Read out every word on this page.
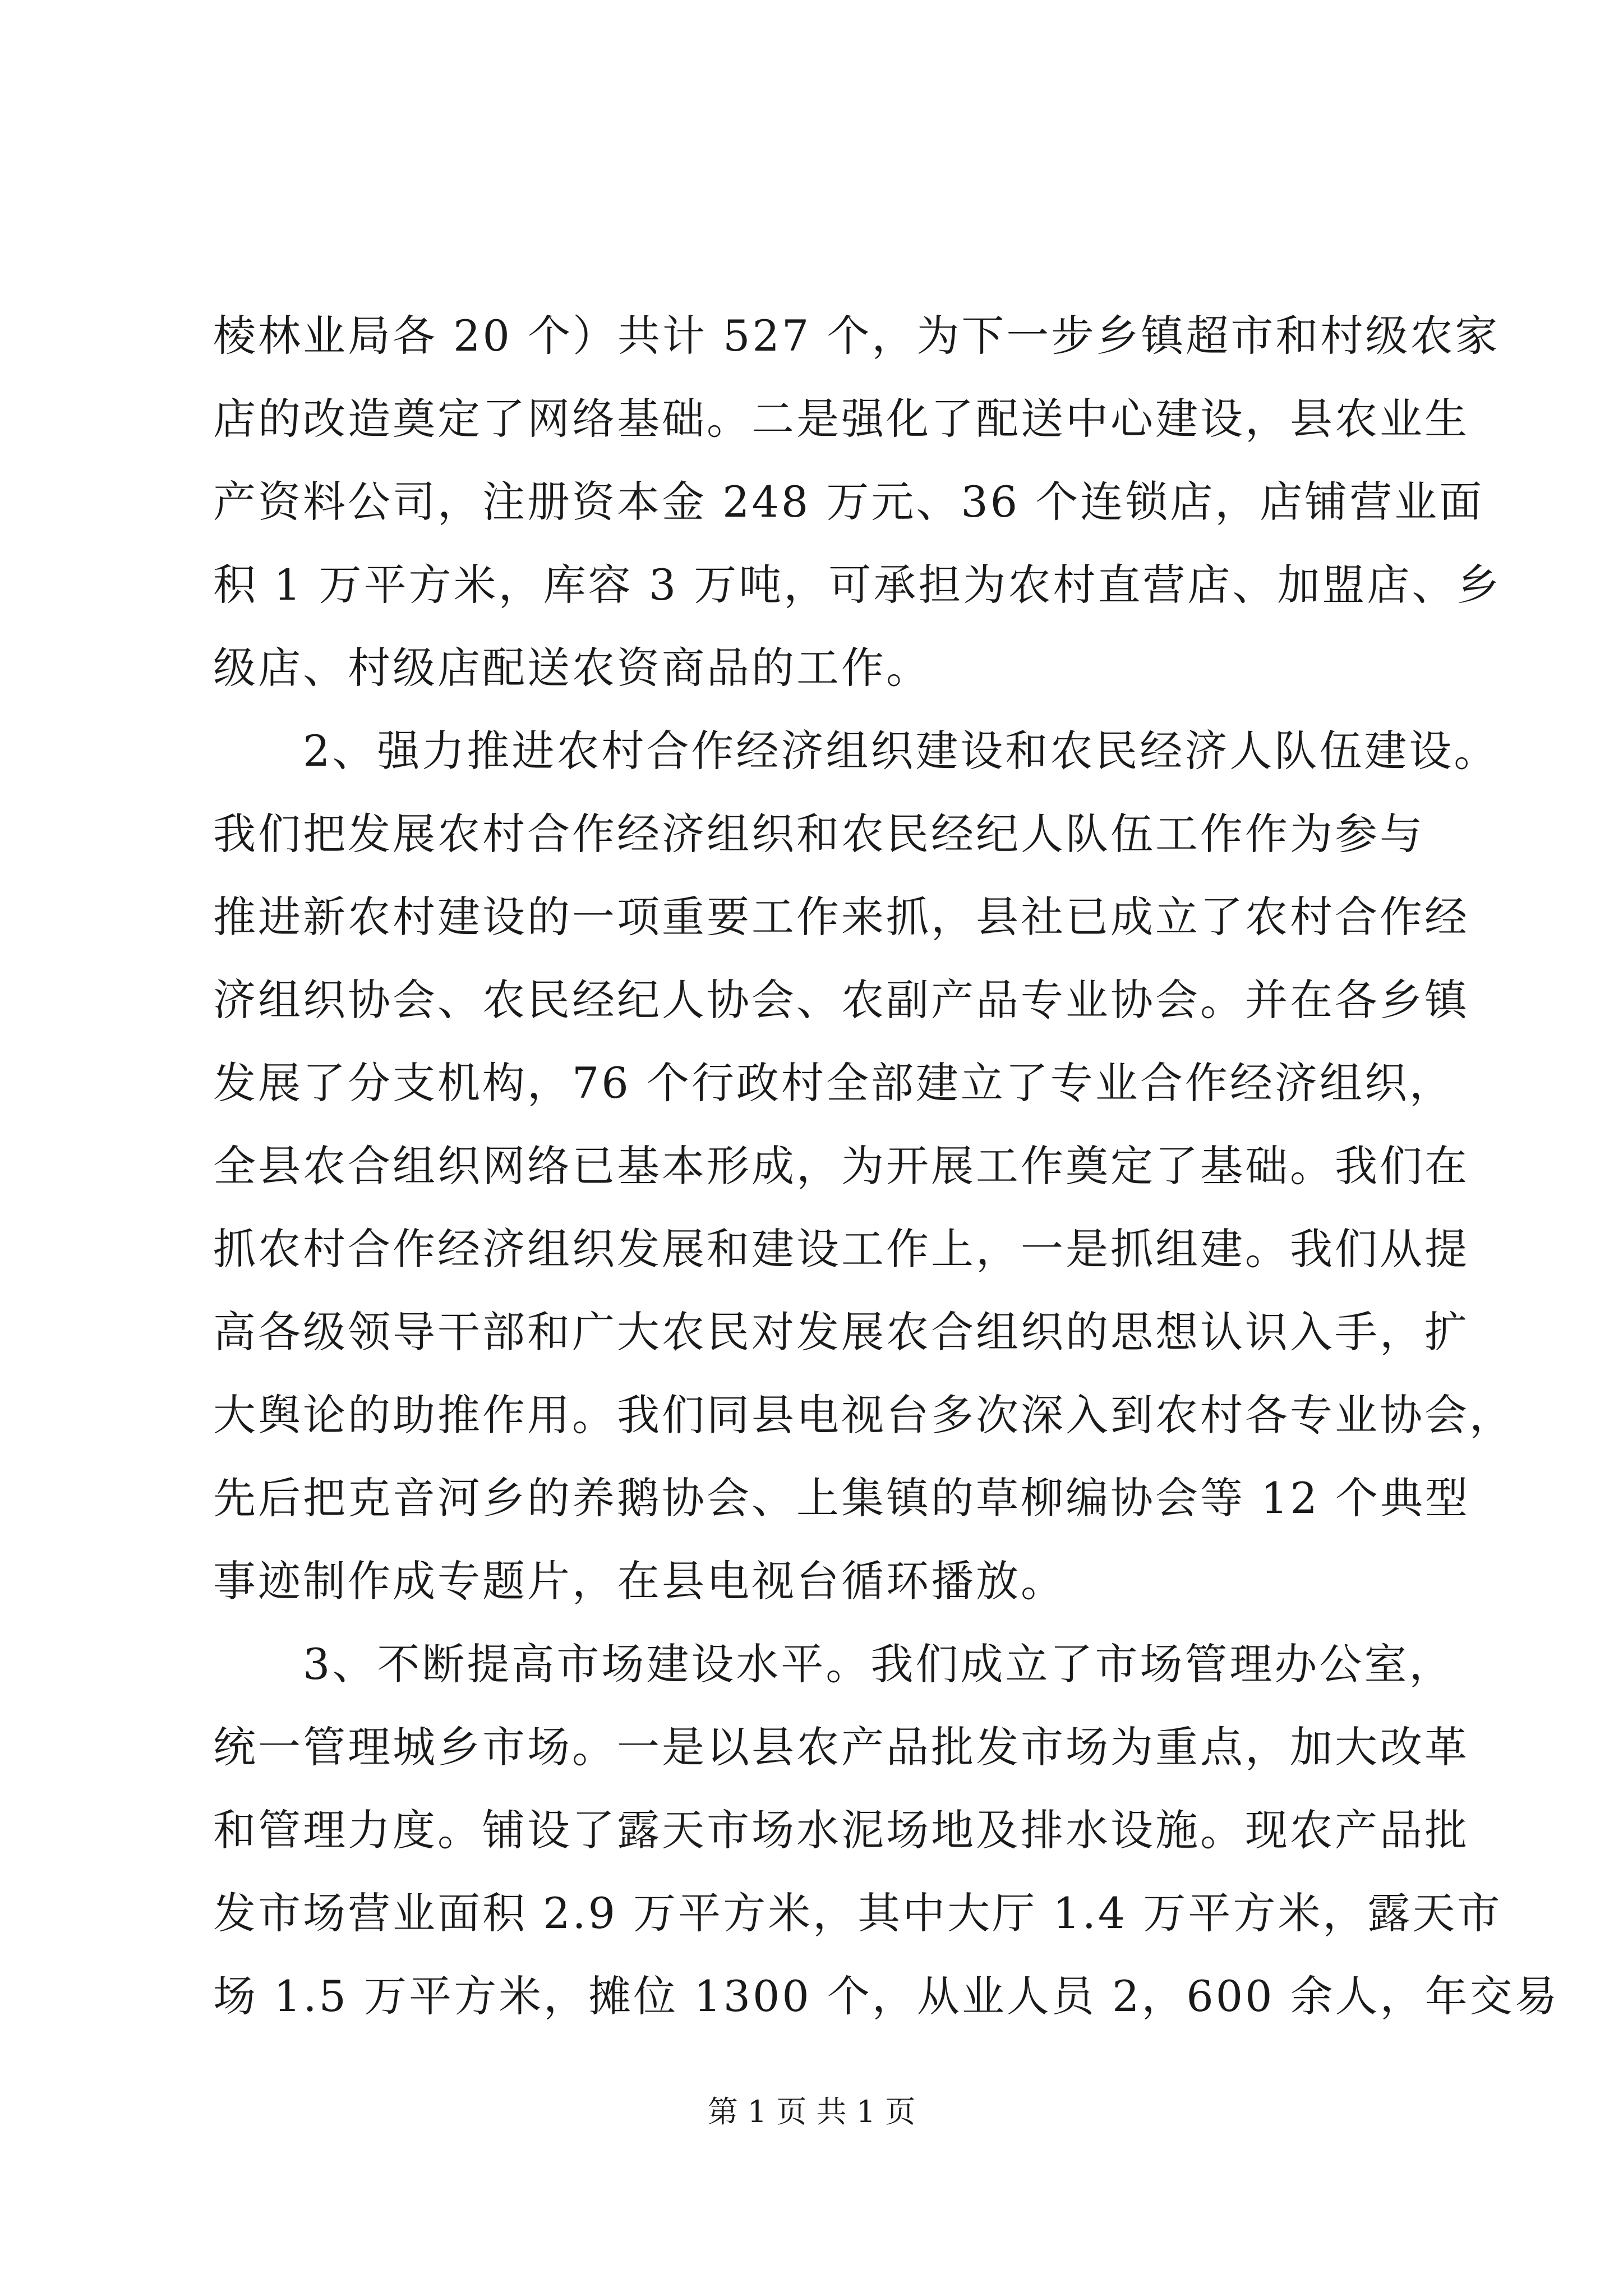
棱林业局各 20 个）共计 527 个，为下一步乡镇超市和村级农家
店的改造奠定了网络基础。二是强化了配送中心建设，县农业生
产资料公司，注册资本金 248 万元、36 个连锁店，店铺营业面
积 1 万平方米，库容 3 万吨，可承担为农村直营店、加盟店、乡
级店、村级店配送农资商品的工作。
　　2、强力推进农村合作经济组织建设和农民经济人队伍建设。
我们把发展农村合作经济组织和农民经纪人队伍工作作为参与
推进新农村建设的一项重要工作来抓，县社已成立了农村合作经
济组织协会、农民经纪人协会、农副产品专业协会。并在各乡镇
发展了分支机构，76 个行政村全部建立了专业合作经济组织，
全县农合组织网络已基本形成，为开展工作奠定了基础。我们在
抓农村合作经济组织发展和建设工作上，一是抓组建。我们从提
高各级领导干部和广大农民对发展农合组织的思想认识入手，扩
大舆论的助推作用。我们同县电视台多次深入到农村各专业协会，
先后把克音河乡的养鹅协会、上集镇的草柳编协会等 12 个典型
事迹制作成专题片，在县电视台循环播放。
　　3、不断提高市场建设水平。我们成立了市场管理办公室，
统一管理城乡市场。一是以县农产品批发市场为重点，加大改革
和管理力度。铺设了露天市场水泥场地及排水设施。现农产品批
发市场营业面积 2.9 万平方米，其中大厅 1.4 万平方米，露天市
场 1.5 万平方米，摊位 1300 个，从业人员 2，600 余人，年交易
第 1 页 共 1 页
